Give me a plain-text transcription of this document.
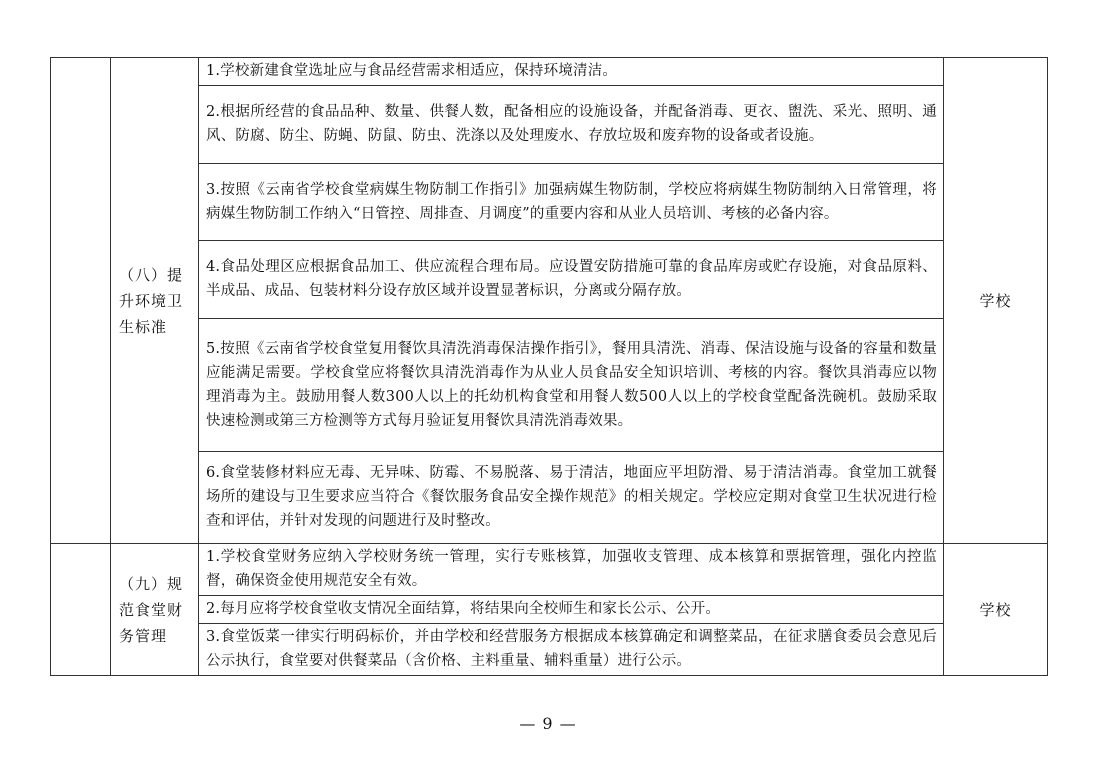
	（八）提升环境卫生标准	1.学校新建食堂选址应与食品经营需求相适应，保持环境清洁。	学校
		2.根据所经营的食品品种、数量、供餐人数，配备相应的设施设备，并配备消毒、更衣、盥洗、采光、照明、通风、防腐、防尘、防蝇、防鼠、防虫、洗涤以及处理废水、存放垃圾和废弃物的设备或者设施。	
		3.按照《云南省学校食堂病媒生物防制工作指引》加强病媒生物防制，学校应将病媒生物防制纳入日常管理，将病媒生物防制工作纳入“日管控、周排查、月调度”的重要内容和从业人员培训、考核的必备内容。	
		4.食品处理区应根据食品加工、供应流程合理布局。应设置安防措施可靠的食品库房或贮存设施，对食品原料、半成品、成品、包装材料分设存放区域并设置显著标识，分离或分隔存放。	
		5.按照《云南省学校食堂复用餐饮具清洗消毒保洁操作指引》，餐用具清洗、消毒、保洁设施与设备的容量和数量应能满足需要。学校食堂应将餐饮具清洗消毒作为从业人员食品安全知识培训、考核的内容。餐饮具消毒应以物理消毒为主。鼓励用餐人数300人以上的托幼机构食堂和用餐人数500人以上的学校食堂配备洗碗机。鼓励采取快速检测或第三方检测等方式每月验证复用餐饮具清洗消毒效果。	
		6.食堂装修材料应无毒、无异味、防霉、不易脱落、易于清洁，地面应平坦防滑、易于清洁消毒。食堂加工就餐场所的建设与卫生要求应当符合《餐饮服务食品安全操作规范》的相关规定。学校应定期对食堂卫生状况进行检查和评估，并针对发现的问题进行及时整改。	
	（九）规范食堂财务管理	1.学校食堂财务应纳入学校财务统一管理，实行专账核算，加强收支管理、成本核算和票据管理，强化内控监督，确保资金使用规范安全有效。	学校
		2.每月应将学校食堂收支情况全面结算，将结果向全校师生和家长公示、公开。	
		3.食堂饭菜一律实行明码标价，并由学校和经营服务方根据成本核算确定和调整菜品，在征求膳食委员会意见后公示执行，食堂要对供餐菜品（含价格、主料重量、辅料重量）进行公示。	
— 9 —
